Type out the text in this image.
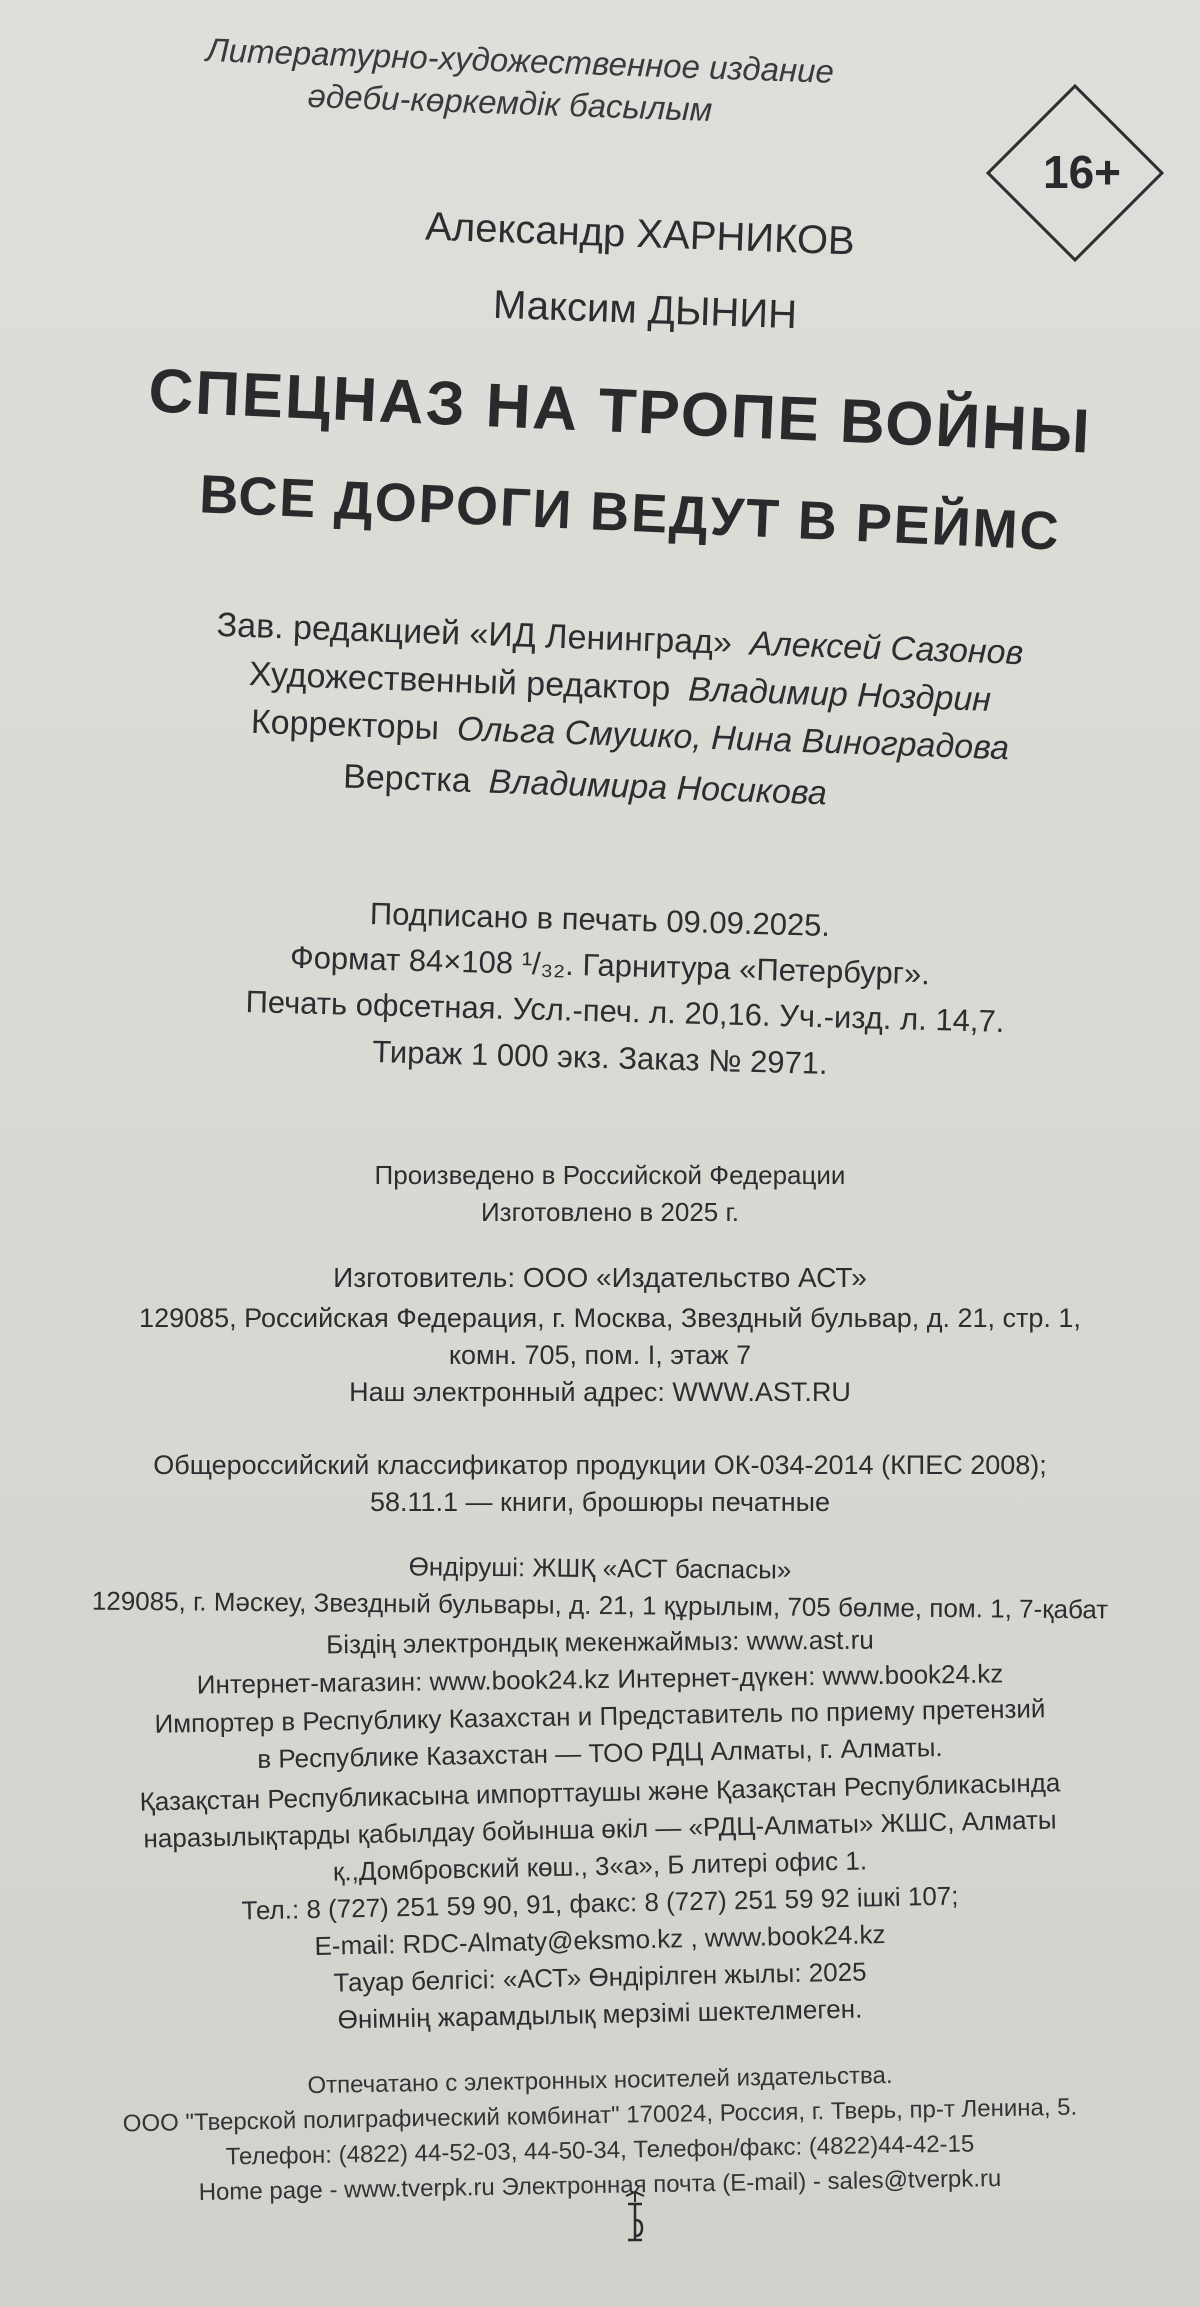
Литературно-художественное издание
әдеби-көркемдік басылым
16+
Александр ХАРНИКОВ
Максим ДЫНИН
СПЕЦНАЗ НА ТРОПЕ ВОЙНЫ
ВСЕ ДОРОГИ ВЕДУТ В РЕЙМС
Зав. редакцией «ИД Ленинград» Алексей Сазонов
Художественный редактор Владимир Ноздрин
Корректоры Ольга Смушко, Нина Виноградова
Верстка Владимира Носикова
Подписано в печать 09.09.2025.
Формат 84×108 ¹/₃₂. Гарнитура «Петербург».
Печать офсетная. Усл.-печ. л. 20,16. Уч.-изд. л. 14,7.
Тираж 1 000 экз. Заказ № 2971.
Произведено в Российской Федерации
Изготовлено в 2025 г.
Изготовитель: ООО «Издательство АСТ»
129085, Российская Федерация, г. Москва, Звездный бульвар, д. 21, стр. 1,
комн. 705, пом. I, этаж 7
Наш электронный адрес: WWW.AST.RU
Общероссийский классификатор продукции ОК-034-2014 (КПЕС 2008);
58.11.1 — книги, брошюры печатные
Өндіруші: ЖШҚ «АСТ баспасы»
129085, г. Мәскеу, Звездный бульвары, д. 21, 1 құрылым, 705 бөлме, пом. 1, 7-қабат
Біздің электрондық мекенжаймыз: www.ast.ru
Интернет-магазин: www.book24.kz Интернет-дүкен: www.book24.kz
Импортер в Республику Казахстан и Представитель по приему претензий
в Республике Казахстан — ТОО РДЦ Алматы, г. Алматы.
Қазақстан Республикасына импорттаушы және Қазақстан Республикасында
наразылықтарды қабылдау бойынша өкіл — «РДЦ-Алматы» ЖШС, Алматы
қ.,Домбровский көш., 3«а», Б литері офис 1.
Тел.: 8 (727) 251 59 90, 91, факс: 8 (727) 251 59 92 ішкі 107;
E-mail: RDC-Almaty@eksmo.kz , www.book24.kz
Тауар белгісі: «АСТ» Өндірілген жылы: 2025
Өнімнің жарамдылық мерзімі шектелмеген.
Отпечатано с электронных носителей издательства.
ООО "Тверской полиграфический комбинат" 170024, Россия, г. Тверь, пр-т Ленина, 5.
Телефон: (4822) 44-52-03, 44-50-34, Телефон/факс: (4822)44-42-15
Home page - www.tverpk.ru Электронная почта (E-mail) - sales@tverpk.ru
